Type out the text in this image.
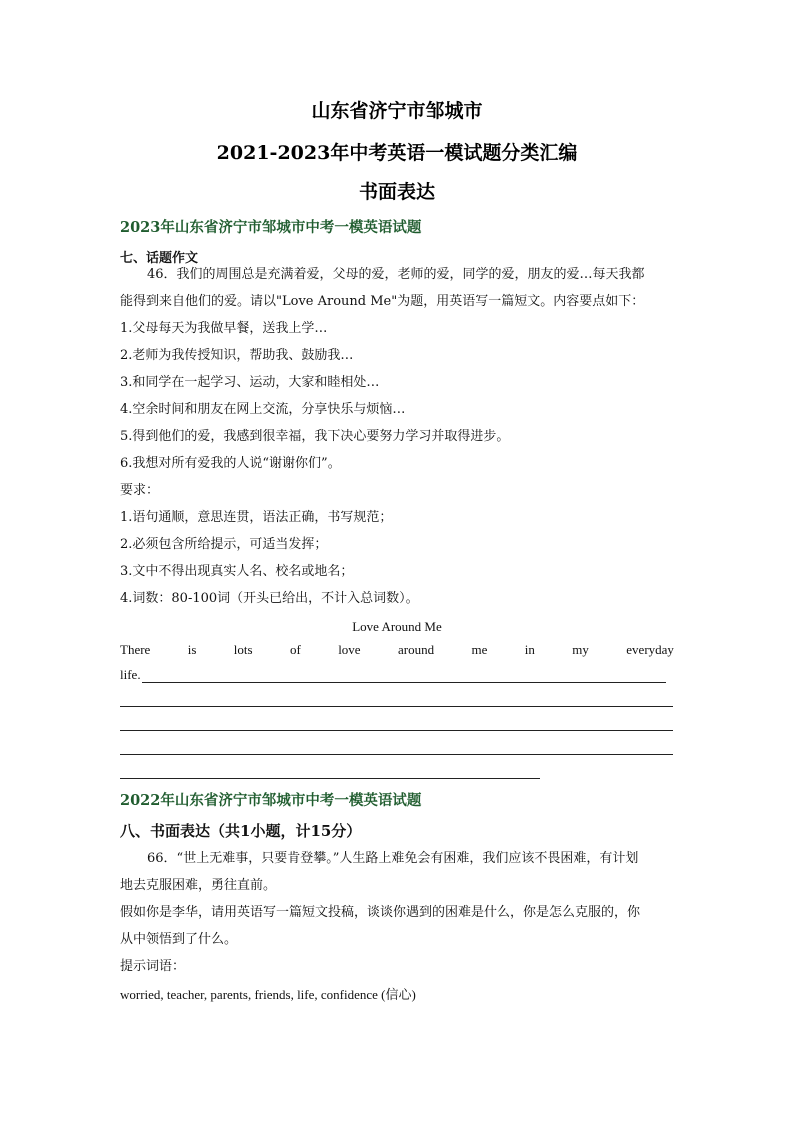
山东省济宁市邹城市
2021-2023年中考英语一模试题分类汇编
书面表达
2023年山东省济宁市邹城市中考一模英语试题
七、话题作文
46．我们的周围总是充满着爱，父母的爱，老师的爱，同学的爱，朋友的爱…每天我都
能得到来自他们的爱。请以"Love Around Me"为题，用英语写一篇短文。内容要点如下：
1.父母每天为我做早餐，送我上学…
2.老师为我传授知识，帮助我、鼓励我…
3.和同学在一起学习、运动，大家和睦相处…
4.空余时间和朋友在网上交流，分享快乐与烦恼…
5.得到他们的爱，我感到很幸福，我下决心要努力学习并取得进步。
6.我想对所有爱我的人说“谢谢你们”。
要求：
1.语句通顺，意思连贯，语法正确，书写规范；
2.必须包含所给提示，可适当发挥；
3.文中不得出现真实人名、校名或地名；
4.词数：80-100词（开头已给出，不计入总词数）。
Love Around Me
There	is	lots	of	love	around	me	in	my	everyday
life.
2022年山东省济宁市邹城市中考一模英语试题
八、书面表达（共1小题，计15分）
66．“世上无难事，只要肯登攀。”人生路上难免会有困难，我们应该不畏困难，有计划
地去克服困难，勇往直前。
假如你是李华，请用英语写一篇短文投稿，谈谈你遇到的困难是什么，你是怎么克服的，你
从中领悟到了什么。
提示词语：
worried, teacher, parents, friends, life, confidence (信心)
